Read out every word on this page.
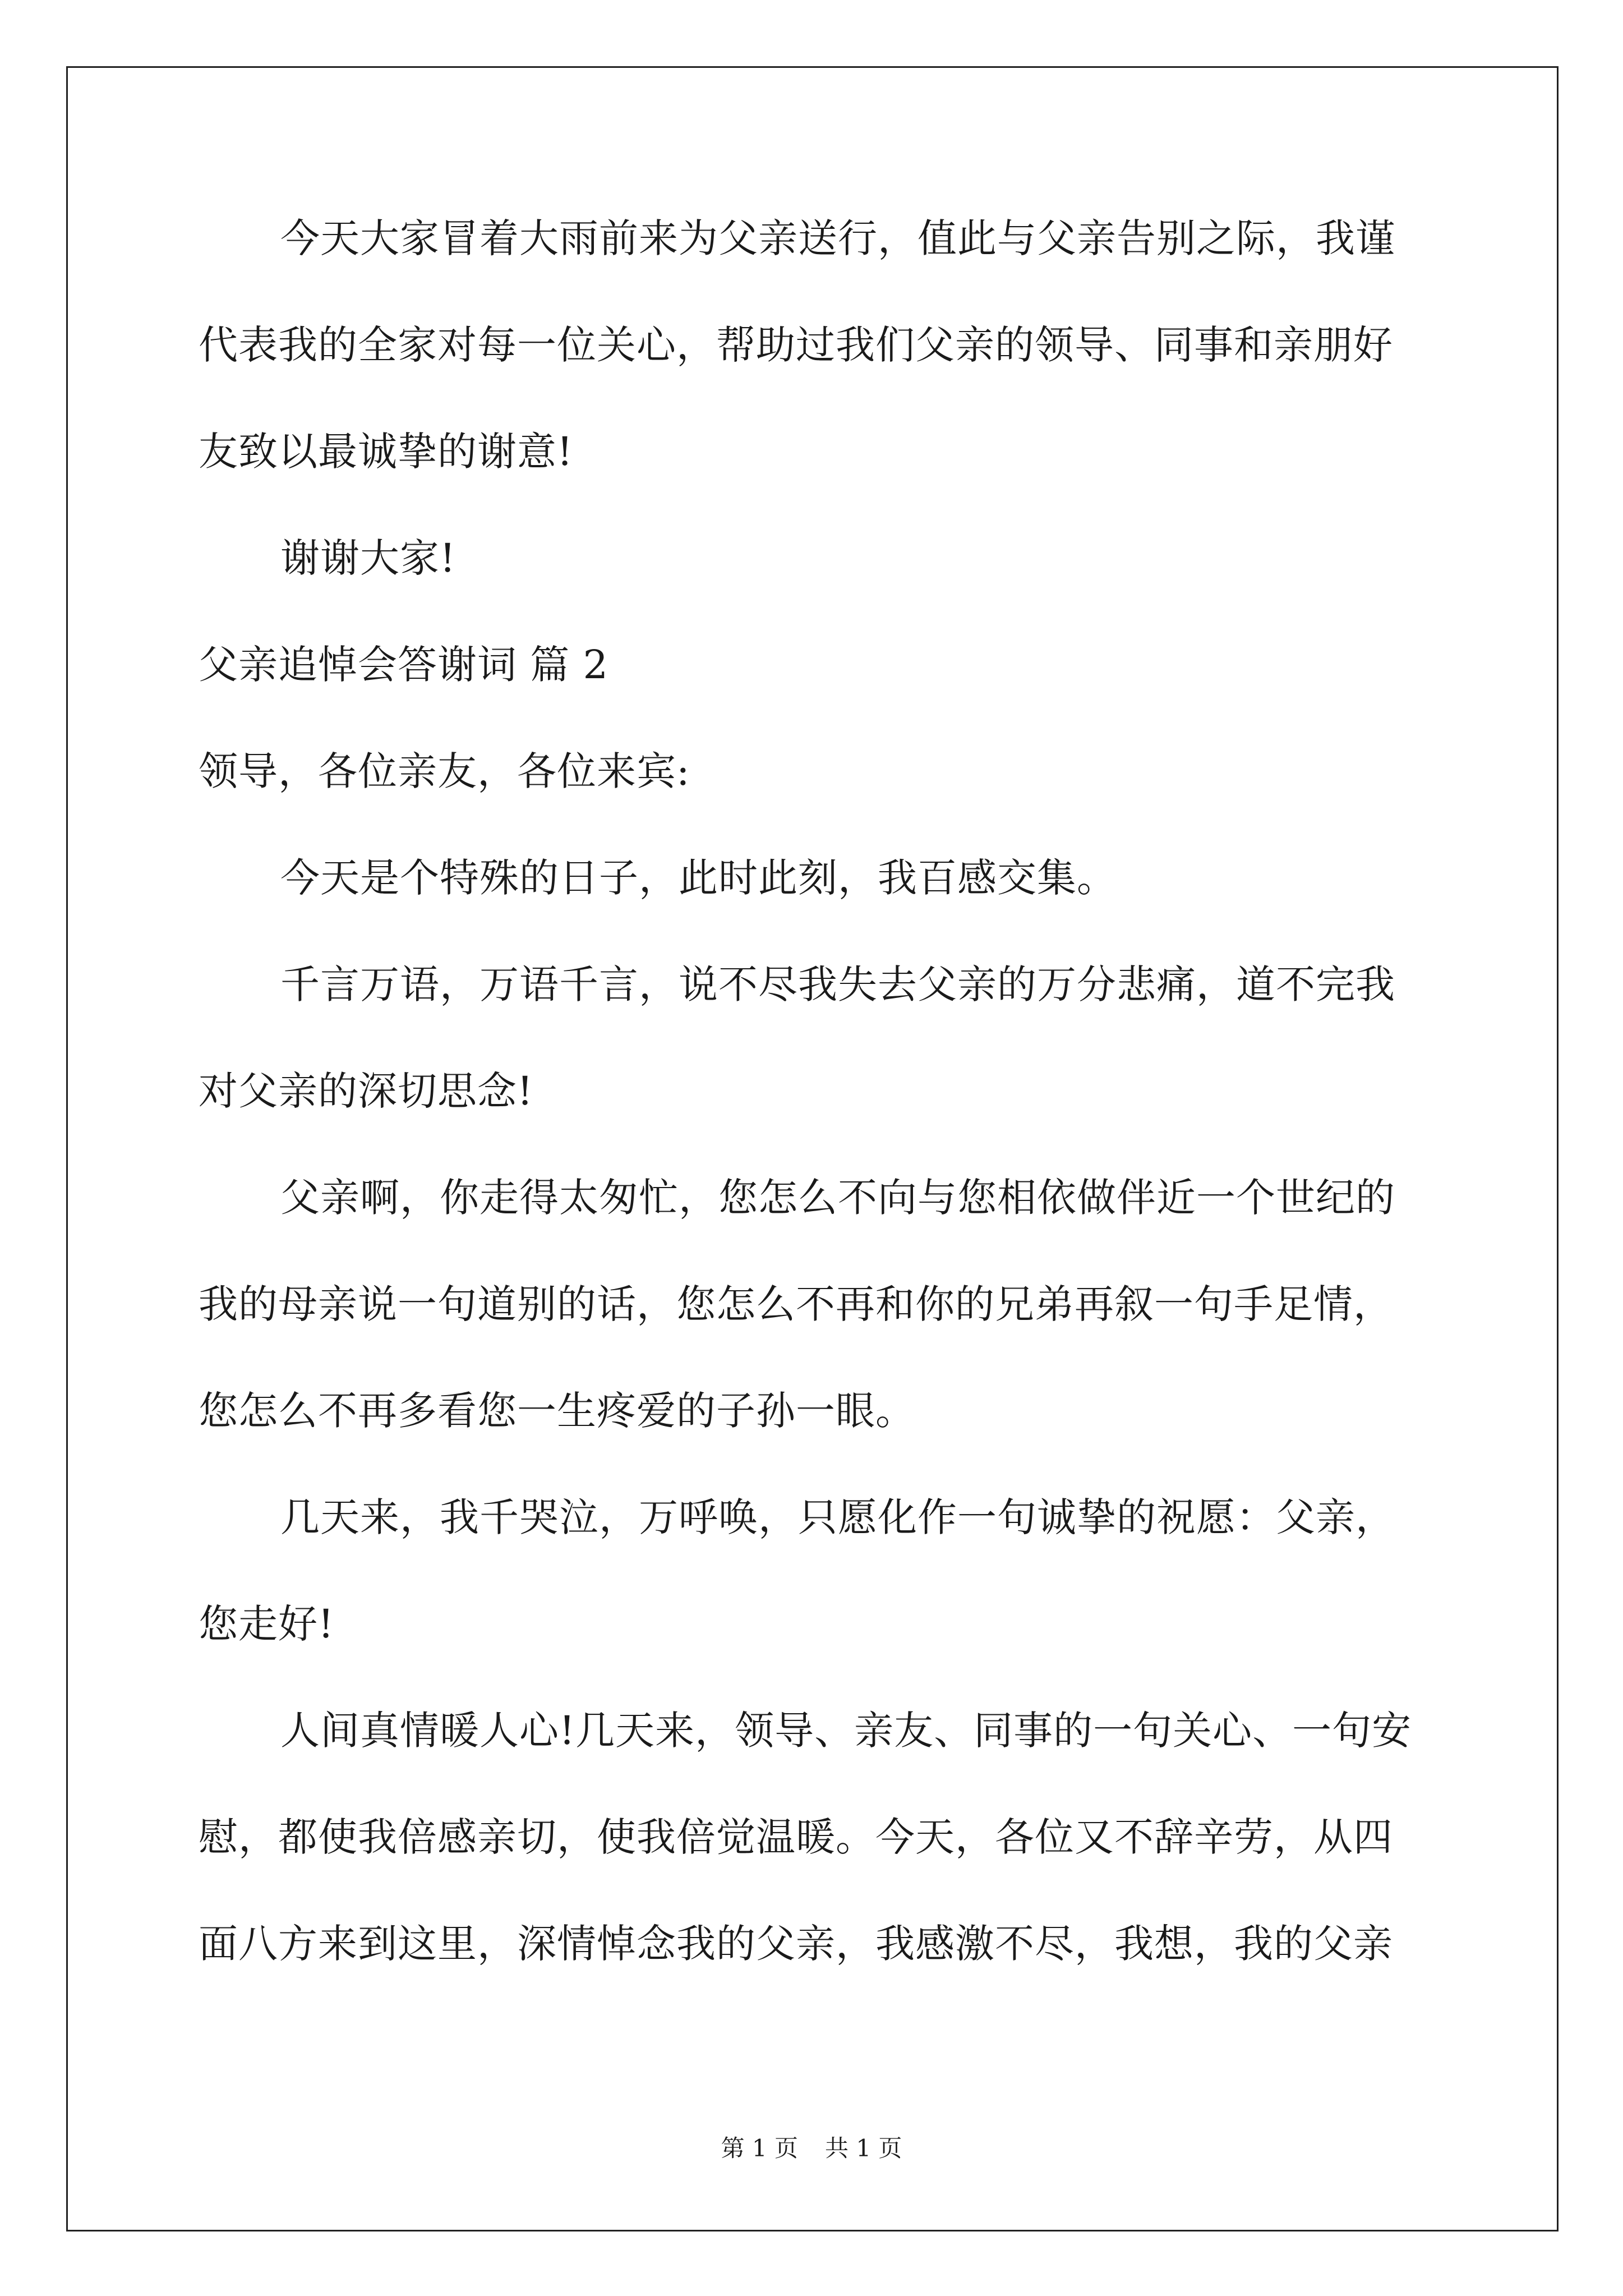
今天大家冒着大雨前来为父亲送行，值此与父亲告别之际，我谨
代表我的全家对每一位关心，帮助过我们父亲的领导、同事和亲朋好
友致以最诚挚的谢意!
谢谢大家!
父亲追悼会答谢词 篇 2
领导，各位亲友，各位来宾:
今天是个特殊的日子，此时此刻，我百感交集。
千言万语，万语千言，说不尽我失去父亲的万分悲痛，道不完我
对父亲的深切思念!
父亲啊，你走得太匆忙，您怎么不向与您相依做伴近一个世纪的
我的母亲说一句道别的话，您怎么不再和你的兄弟再叙一句手足情，
您怎么不再多看您一生疼爱的子孙一眼。
几天来，我千哭泣，万呼唤，只愿化作一句诚挚的祝愿：父亲，
您走好!
人间真情暖人心!几天来，领导、亲友、同事的一句关心、一句安
慰，都使我倍感亲切，使我倍觉温暖。今天，各位又不辞辛劳，从四
面八方来到这里，深情悼念我的父亲，我感激不尽，我想，我的父亲
第 1 页 共 1 页
